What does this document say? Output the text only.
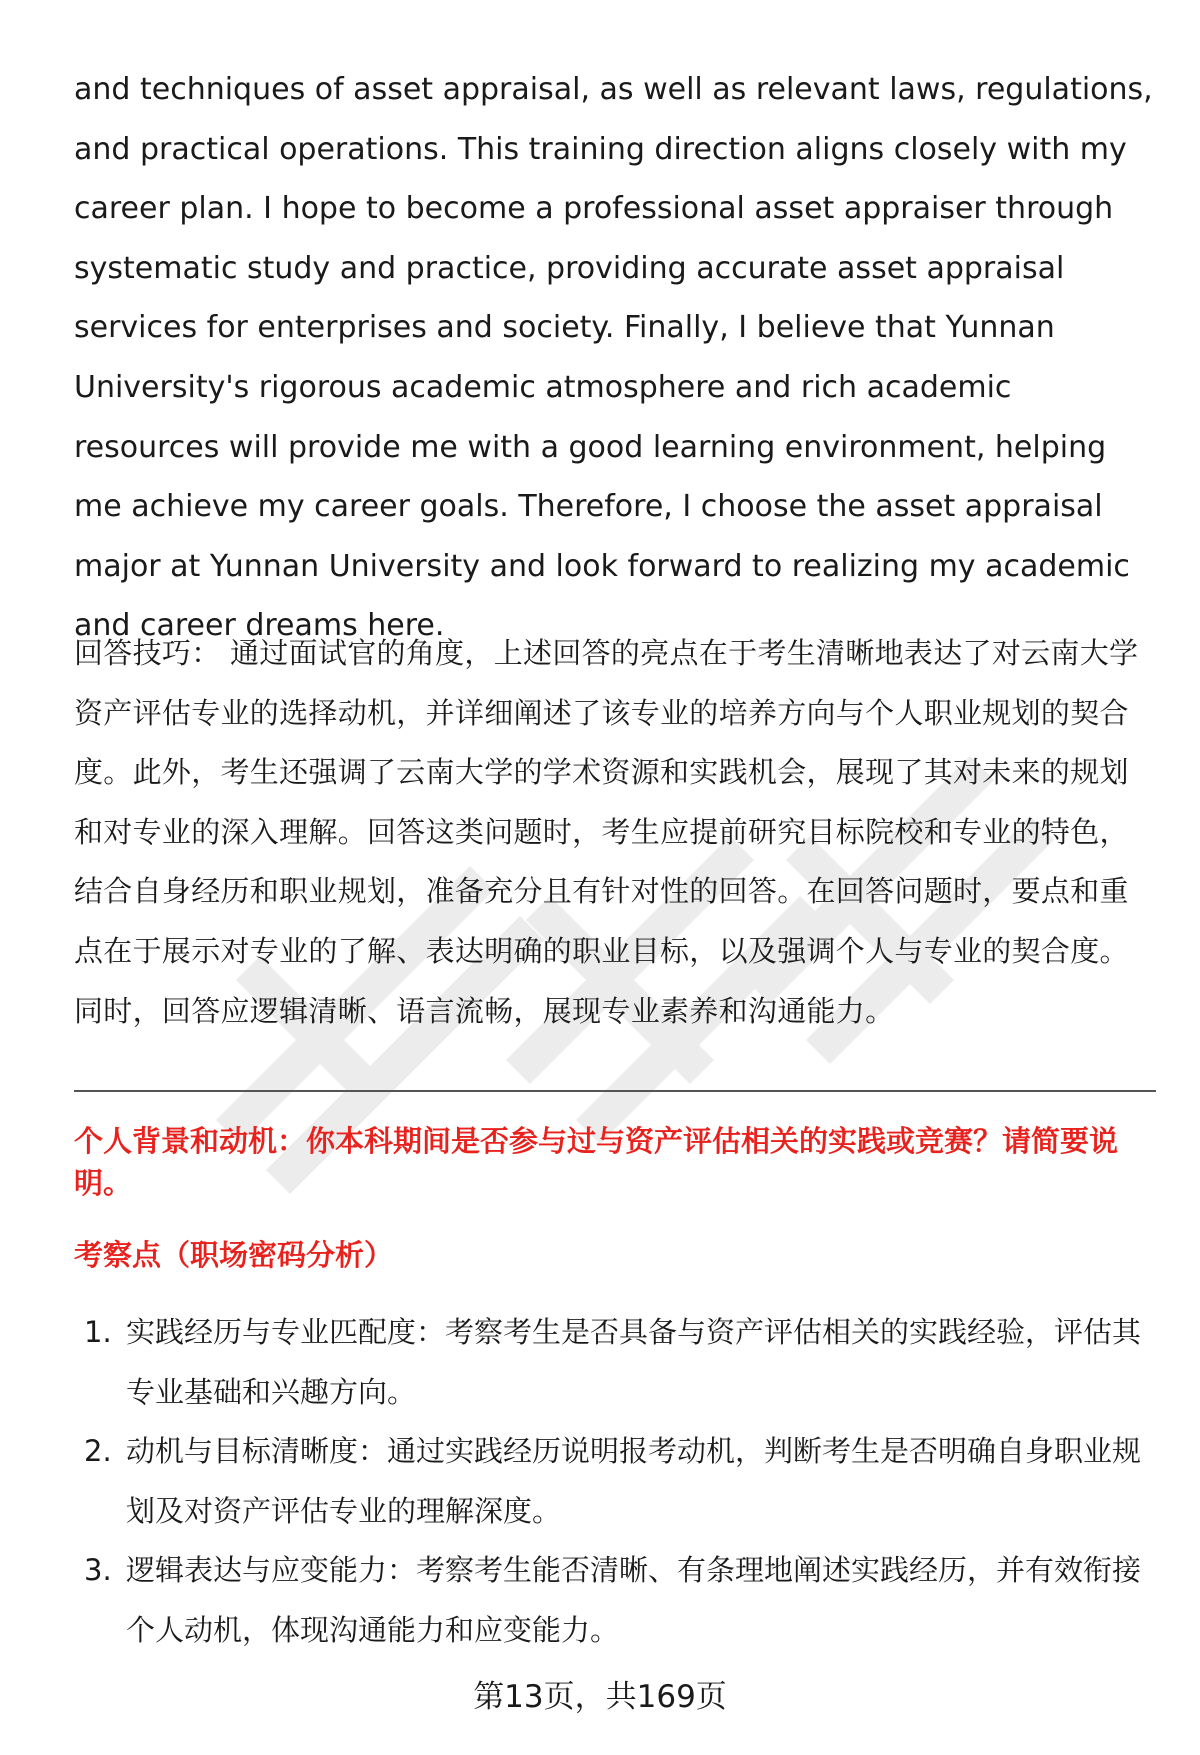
and techniques of asset appraisal, as well as relevant laws, regulations, and practical operations. This training direction aligns closely with my career plan. I hope to become a professional asset appraiser through systematic study and practice, providing accurate asset appraisal services for enterprises and society. Finally, I believe that Yunnan University's rigorous academic atmosphere and rich academic resources will provide me with a good learning environment, helping me achieve my career goals. Therefore, I choose the asset appraisal major at Yunnan University and look forward to realizing my academic and career dreams here.

回答技巧： 通过面试官的角度，上述回答的亮点在于考生清晰地表达了对云南大学资产评估专业的选择动机，并详细阐述了该专业的培养方向与个人职业规划的契合度。此外，考生还强调了云南大学的学术资源和实践机会，展现了其对未来的规划和对专业的深入理解。回答这类问题时，考生应提前研究目标院校和专业的特色，结合自身经历和职业规划，准备充分且有针对性的回答。在回答问题时，要点和重点在于展示对专业的了解、表达明确的职业目标，以及强调个人与专业的契合度。同时，回答应逻辑清晰、语言流畅，展现专业素养和沟通能力。

个人背景和动机：你本科期间是否参与过与资产评估相关的实践或竞赛？请简要说明。

考察点（职场密码分析）

1. 实践经历与专业匹配度：考察考生是否具备与资产评估相关的实践经验，评估其专业基础和兴趣方向。
2. 动机与目标清晰度：通过实践经历说明报考动机，判断考生是否明确自身职业规划及对资产评估专业的理解深度。
3. 逻辑表达与应变能力：考察考生能否清晰、有条理地阐述实践经历，并有效衔接个人动机，体现沟通能力和应变能力。
第13页，共169页
